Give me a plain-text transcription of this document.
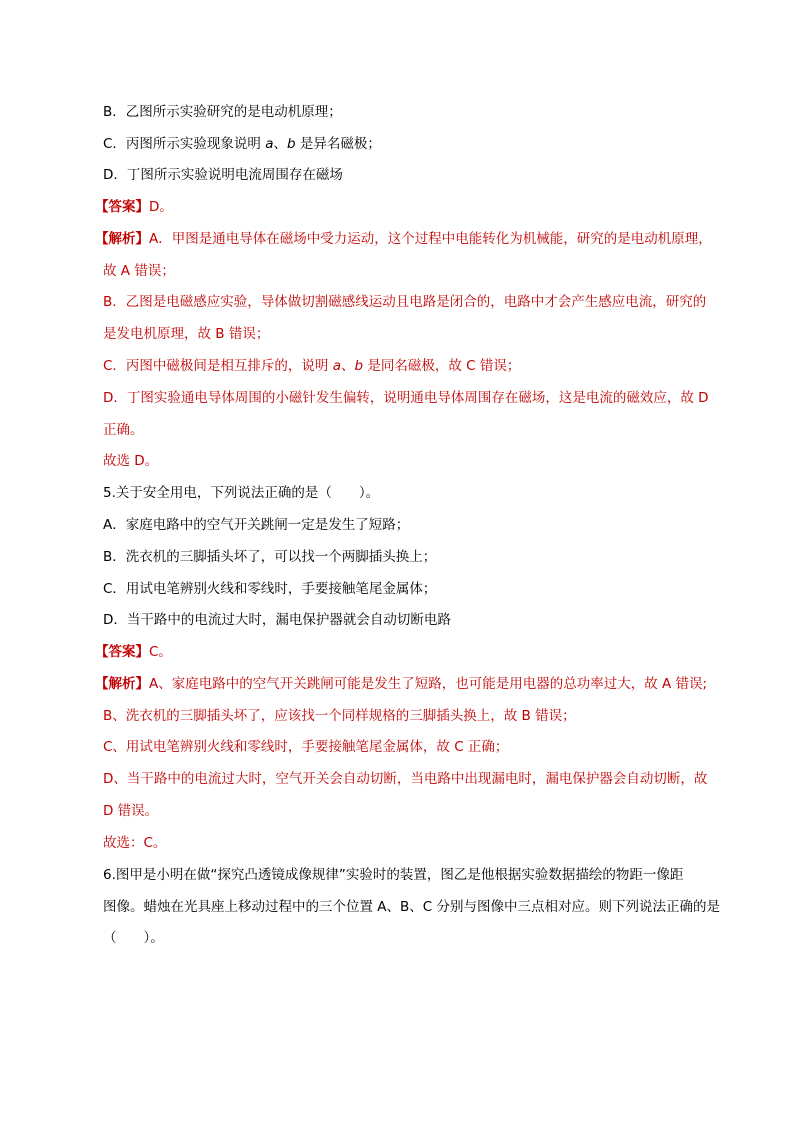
B．乙图所示实验研究的是电动机原理；
C．丙图所示实验现象说明 a、b 是异名磁极；
D．丁图所示实验说明电流周围存在磁场
【答案】D。
【解析】A．甲图是通电导体在磁场中受力运动，这个过程中电能转化为机械能，研究的是电动机原理，
故 A 错误；
B．乙图是电磁感应实验，导体做切割磁感线运动且电路是闭合的，电路中才会产生感应电流，研究的
是发电机原理，故 B 错误；
C．丙图中磁极间是相互排斥的，说明 a、b 是同名磁极，故 C 错误；
D．丁图实验通电导体周围的小磁针发生偏转，说明通电导体周围存在磁场，这是电流的磁效应，故 D
正确。
故选 D。
5.关于安全用电，下列说法正确的是（　　）。
A．家庭电路中的空气开关跳闸一定是发生了短路；
B．洗衣机的三脚插头坏了，可以找一个两脚插头换上；
C．用试电笔辨别火线和零线时，手要接触笔尾金属体；
D．当干路中的电流过大时，漏电保护器就会自动切断电路
【答案】C。
【解析】A、家庭电路中的空气开关跳闸可能是发生了短路，也可能是用电器的总功率过大，故 A 错误;
B、洗衣机的三脚插头坏了，应该找一个同样规格的三脚插头换上，故 B 错误；
C、用试电笔辨别火线和零线时，手要接触笔尾金属体，故 C 正确；
D、当干路中的电流过大时，空气开关会自动切断，当电路中出现漏电时，漏电保护器会自动切断，故
D 错误。
故选：C。
6.图甲是小明在做“探究凸透镜成像规律”实验时的装置，图乙是他根据实验数据描绘的物距一像距
图像。蜡烛在光具座上移动过程中的三个位置 A、B、C 分别与图像中三点相对应。则下列说法正确的是
（　　）。
